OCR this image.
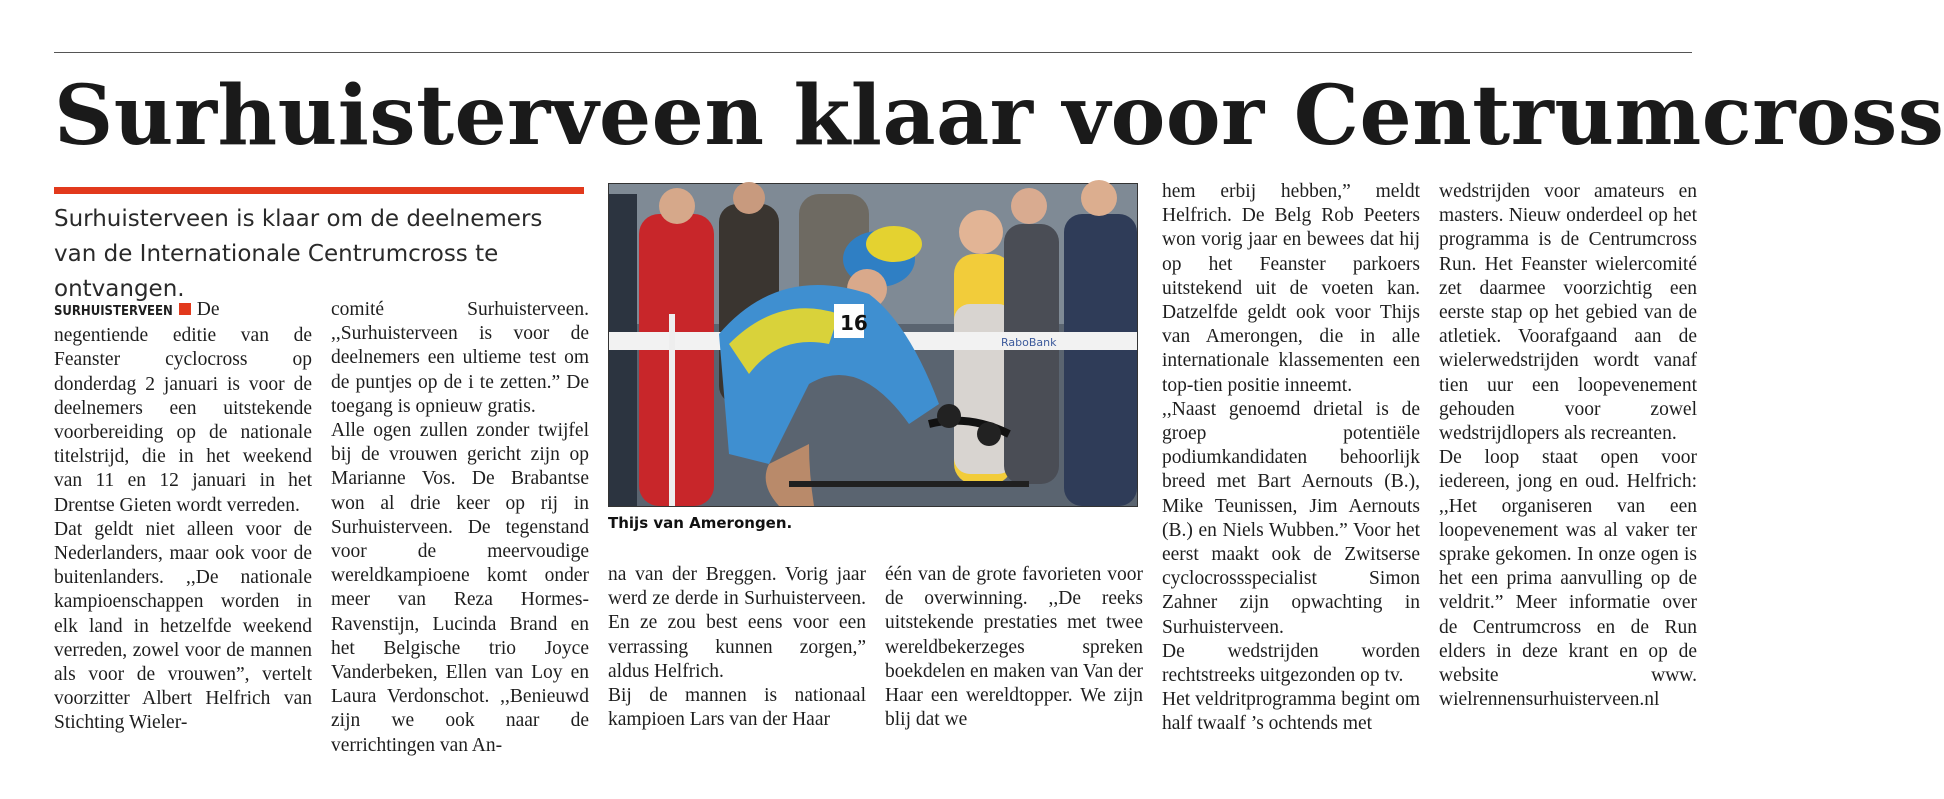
Surhuisterveen klaar voor Centrumcross

Surhuisterveen is klaar om de deelnemers van de Internationale Centrumcross te ontvangen.

SURHUISTERVEEN De negentiende editie van de Feanster cyclocross op donderdag 2 januari is voor de deelnemers een uitstekende voorbereiding op de nationale titelstrijd, die in het weekend van 11 en 12 januari in het Drentse Gieten wordt verreden.

Dat geldt niet alleen voor de Nederlanders, maar ook voor de buitenlanders. ,,De nationale kampioenschappen worden in elk land in hetzelfde weekend verreden, zowel voor de mannen als voor de vrouwen”, vertelt voorzitter Albert Helfrich van Stichting Wieler-

comité Surhuisterveen. ,,Surhuisterveen is voor de deelnemers een ultieme test om de puntjes op de i te zetten.” De toegang is opnieuw gratis.

Alle ogen zullen zonder twijfel bij de vrouwen gericht zijn op Marianne Vos. De Brabantse won al drie keer op rij in Surhuisterveen. De tegenstand voor de meervoudige wereldkampioene komt onder meer van Reza Hormes-Ravenstijn, Lucinda Brand en het Belgische trio Joyce Vanderbeken, Ellen van Loy en Laura Verdonschot. ,,Benieuwd zijn we ook naar de verrichtingen van An-

RaboBank
16

Thijs van Amerongen.

na van der Breggen. Vorig jaar werd ze derde in Surhuisterveen. En ze zou best eens voor een verrassing kunnen zorgen,” aldus Helfrich.

Bij de mannen is nationaal kampioen Lars van der Haar

één van de grote favorieten voor de overwinning. ,,De reeks uitstekende prestaties met twee wereldbekerzeges spreken boekdelen en maken van Van der Haar een wereldtopper. We zijn blij dat we

hem erbij hebben,” meldt Helfrich. De Belg Rob Peeters won vorig jaar en bewees dat hij op het Feanster parkoers uitstekend uit de voeten kan. Datzelfde geldt ook voor Thijs van Amerongen, die in alle internationale klassementen een top-tien positie inneemt.

,,Naast genoemd drietal is de groep potentiële podiumkandidaten behoorlijk breed met Bart Aernouts (B.), Mike Teunissen, Jim Aernouts (B.) en Niels Wubben.” Voor het eerst maakt ook de Zwitserse cyclocrossspecialist Simon Zahner zijn opwachting in Surhuisterveen.

De wedstrijden worden rechtstreeks uitgezonden op tv.

Het veldritprogramma begint om half twaalf ’s ochtends met

wedstrijden voor amateurs en masters. Nieuw onderdeel op het programma is de Centrumcross Run. Het Feanster wielercomité zet daarmee voorzichtig een eerste stap op het gebied van de atletiek. Voorafgaand aan de wielerwedstrijden wordt vanaf tien uur een loopevenement gehouden voor zowel wedstrijdlopers als recreanten.

De loop staat open voor iedereen, jong en oud. Helfrich: ,,Het organiseren van een loopevenement was al vaker ter sprake gekomen. In onze ogen is het een prima aanvulling op de veldrit.” Meer informatie over de Centrumcross en de Run elders in deze krant en op de website www. wielrennensurhuisterveen.nl
